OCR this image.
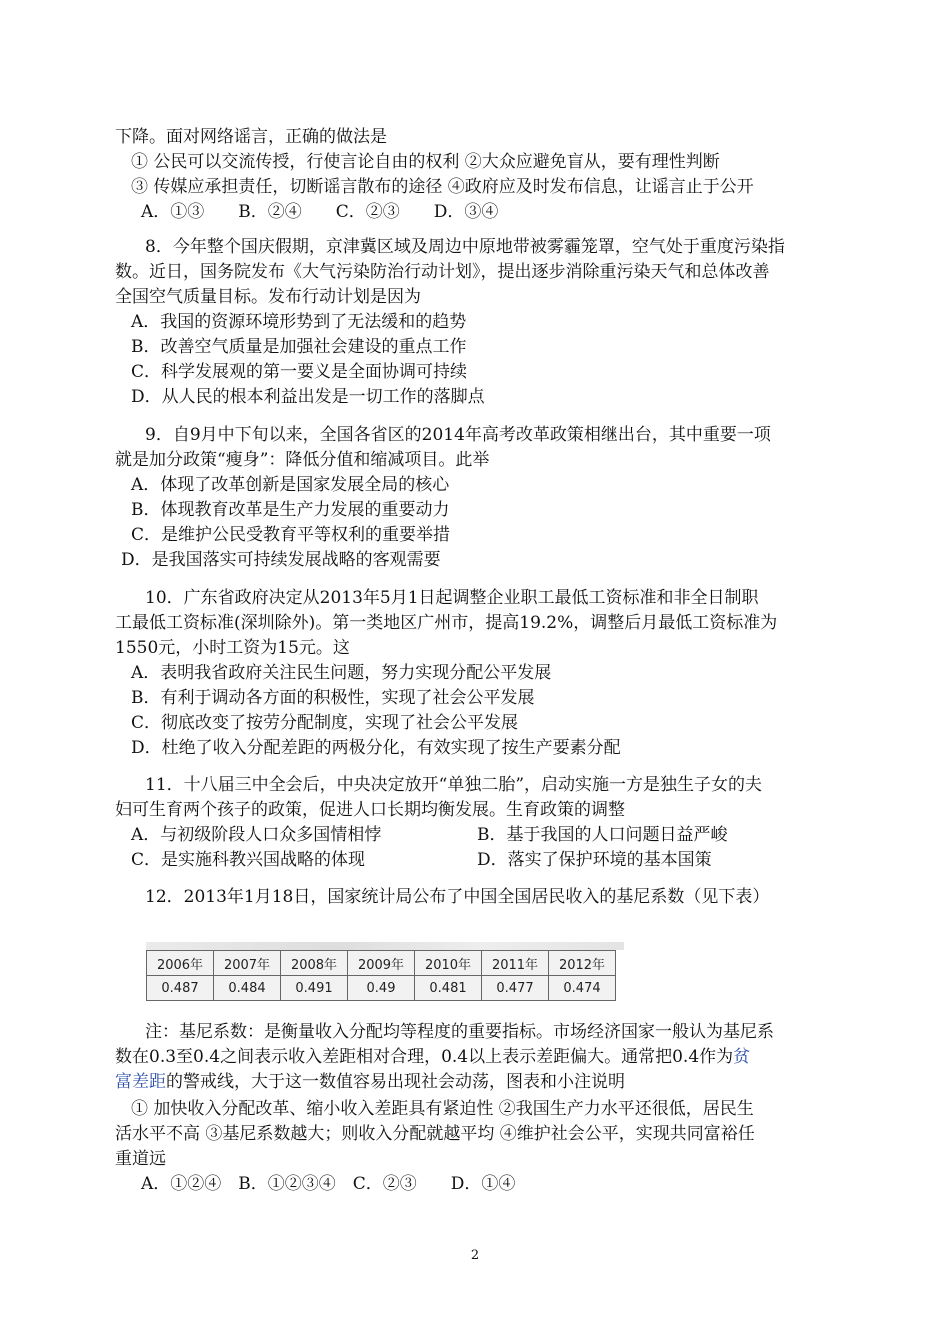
下降。面对网络谣言，正确的做法是
① 公民可以交流传授，行使言论自由的权利 ②大众应避免盲从，要有理性判断
③ 传媒应承担责任，切断谣言散布的途径 ④政府应及时发布信息，让谣言止于公开
A．①③　　B．②④　　C．②③　　D．③④
8．今年整个国庆假期，京津冀区域及周边中原地带被雾霾笼罩，空气处于重度污染指
数。近日，国务院发布《大气污染防治行动计划》，提出逐步消除重污染天气和总体改善
全国空气质量目标。发布行动计划是因为
A．我国的资源环境形势到了无法缓和的趋势
B．改善空气质量是加强社会建设的重点工作
C．科学发展观的第一要义是全面协调可持续
D．从人民的根本利益出发是一切工作的落脚点
9．自9月中下旬以来，全国各省区的2014年高考改革政策相继出台，其中重要一项
就是加分政策“瘦身”：降低分值和缩减项目。此举
A．体现了改革创新是国家发展全局的核心
B．体现教育改革是生产力发展的重要动力
C．是维护公民受教育平等权利的重要举措
D．是我国落实可持续发展战略的客观需要
10．广东省政府决定从2013年5月1日起调整企业职工最低工资标准和非全日制职
工最低工资标准(深圳除外)。第一类地区广州市，提高19.2%，调整后月最低工资标准为
1550元，小时工资为15元。这
A．表明我省政府关注民生问题，努力实现分配公平发展
B．有利于调动各方面的积极性，实现了社会公平发展
C．彻底改变了按劳分配制度，实现了社会公平发展
D．杜绝了收入分配差距的两极分化，有效实现了按生产要素分配
11．十八届三中全会后，中央决定放开“单独二胎”，启动实施一方是独生子女的夫
妇可生育两个孩子的政策，促进人口长期均衡发展。生育政策的调整
A．与初级阶段人口众多国情相悖	B．基于我国的人口问题日益严峻
C．是实施科教兴国战略的体现	D．落实了保护环境的基本国策
12．2013年1月18日，国家统计局公布了中国全国居民收入的基尼系数（见下表）
2006年	2007年	2008年	2009年	2010年	2011年	2012年
0.487	0.484	0.491	0.49	0.481	0.477	0.474
注：基尼系数：是衡量收入分配均等程度的重要指标。市场经济国家一般认为基尼系
数在0.3至0.4之间表示收入差距相对合理，0.4以上表示差距偏大。通常把0.4作为贫
富差距的警戒线，大于这一数值容易出现社会动荡，图表和小注说明
① 加快收入分配改革、缩小收入差距具有紧迫性 ②我国生产力水平还很低，居民生
活水平不高 ③基尼系数越大；则收入分配就越平均 ④维护社会公平，实现共同富裕任
重道远
A．①②④　B．①②③④　C．②③　　D．①④
2
